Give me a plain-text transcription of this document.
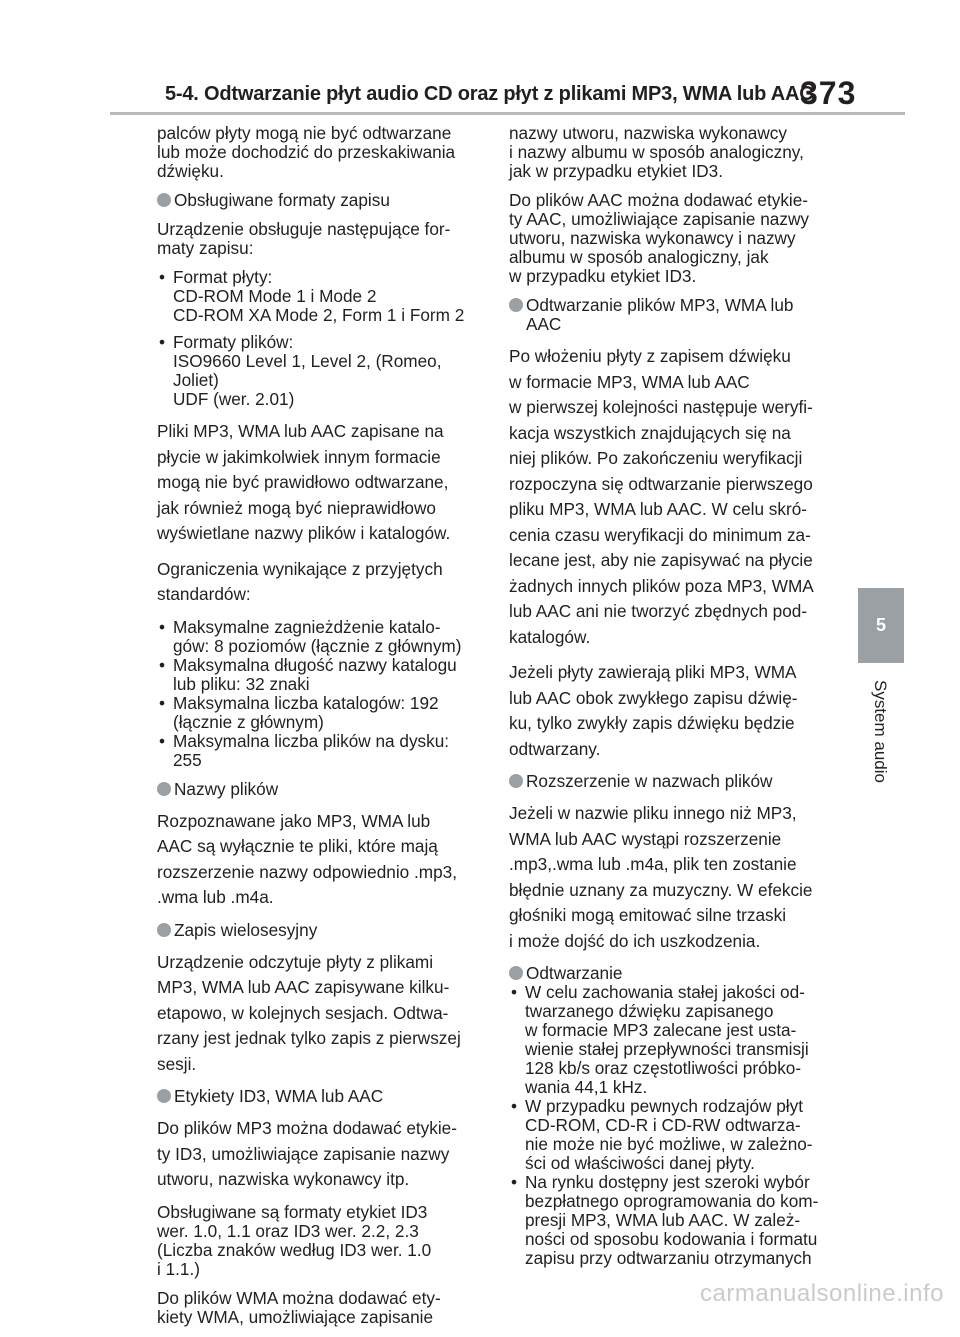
5-4. Odtwarzanie płyt audio CD oraz płyt z plikami MP3, WMA lub AAC
373
5
System audio

palców płyty mogą nie być odtwarzane
lub może dochodzić do przeskakiwania
dźwięku.

Obsługiwane formaty zapisu

Urządzenie obsługuje następujące for-
maty zapisu:

• Format płyty:
CD-ROM Mode 1 i Mode 2
CD-ROM XA Mode 2, Form 1 i Form 2
• Formaty plików:
ISO9660 Level 1, Level 2, (Romeo,
Joliet)
UDF (wer. 2.01)

Pliki MP3, WMA lub AAC zapisane na
płycie w jakimkolwiek innym formacie
mogą nie być prawidłowo odtwarzane,
jak również mogą być nieprawidłowo
wyświetlane nazwy plików i katalogów.

Ograniczenia wynikające z przyjętych
standardów:

• Maksymalne zagnieżdżenie katalo-
gów: 8 poziomów (łącznie z głównym)
• Maksymalna długość nazwy katalogu
lub pliku: 32 znaki
• Maksymalna liczba katalogów: 192
(łącznie z głównym)
• Maksymalna liczba plików na dysku:
255
Nazwy plików

Rozpoznawane jako MP3, WMA lub
AAC są wyłącznie te pliki, które mają
rozszerzenie nazwy odpowiednio .mp3,
.wma lub .m4a.

Zapis wielosesyjny

Urządzenie odczytuje płyty z plikami
MP3, WMA lub AAC zapisywane kilku-
etapowo, w kolejnych sesjach. Odtwa-
rzany jest jednak tylko zapis z pierwszej
sesji.

Etykiety ID3, WMA lub AAC

Do plików MP3 można dodawać etykie-
ty ID3, umożliwiające zapisanie nazwy
utworu, nazwiska wykonawcy itp.

Obsługiwane są formaty etykiet ID3
wer. 1.0, 1.1 oraz ID3 wer. 2.2, 2.3
(Liczba znaków według ID3 wer. 1.0
i 1.1.)

Do plików WMA można dodawać ety-
kiety WMA, umożliwiające zapisanie

nazwy utworu, nazwiska wykonawcy
i nazwy albumu w sposób analogiczny,
jak w przypadku etykiet ID3.

Do plików AAC można dodawać etykie-
ty AAC, umożliwiające zapisanie nazwy
utworu, nazwiska wykonawcy i nazwy
albumu w sposób analogiczny, jak
w przypadku etykiet ID3.

Odtwarzanie plików MP3, WMA lub
AAC

Po włożeniu płyty z zapisem dźwięku
w formacie MP3, WMA lub AAC
w pierwszej kolejności następuje weryfi-
kacja wszystkich znajdujących się na
niej plików. Po zakończeniu weryfikacji
rozpoczyna się odtwarzanie pierwszego
pliku MP3, WMA lub AAC. W celu skró-
cenia czasu weryfikacji do minimum za-
lecane jest, aby nie zapisywać na płycie
żadnych innych plików poza MP3, WMA
lub AAC ani nie tworzyć zbędnych pod-
katalogów.

Jeżeli płyty zawierają pliki MP3, WMA
lub AAC obok zwykłego zapisu dźwię-
ku, tylko zwykły zapis dźwięku będzie
odtwarzany.

Rozszerzenie w nazwach plików

Jeżeli w nazwie pliku innego niż MP3,
WMA lub AAC wystąpi rozszerzenie
.mp3,.wma lub .m4a, plik ten zostanie
błędnie uznany za muzyczny. W efekcie
głośniki mogą emitować silne trzaski
i może dojść do ich uszkodzenia.

Odtwarzanie
• W celu zachowania stałej jakości od-
twarzanego dźwięku zapisanego
w formacie MP3 zalecane jest usta-
wienie stałej przepływności transmisji
128 kb/s oraz częstotliwości próbko-
wania 44,1 kHz.
• W przypadku pewnych rodzajów płyt
CD-ROM, CD-R i CD-RW odtwarza-
nie może nie być możliwe, w zależno-
ści od właściwości danej płyty.
• Na rynku dostępny jest szeroki wybór
bezpłatnego oprogramowania do kom-
presji MP3, WMA lub AAC. W zależ-
ności od sposobu kodowania i formatu
zapisu przy odtwarzaniu otrzymanych
carmanualsonline.info
